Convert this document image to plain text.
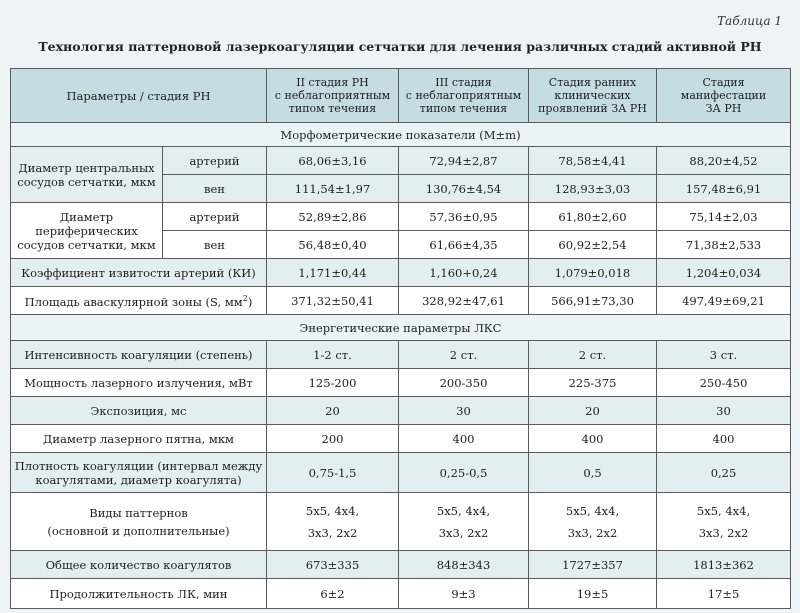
Таблица 1
Технология паттерновой лазеркоагуляции сетчатки для лечения различных стадий активной РН
Параметры / стадия РН		II стадия РН
с неблагоприятным
типом течения	III стадия
с неблагоприятным
типом течения	Стадия ранних
клинических
проявлений ЗА РН	Стадия
манифестации
ЗА РН
Морфометрические показатели (M±m)					
Диаметр центральных
сосудов сетчатки, мкм	артерий	68,06±3,16	72,94±2,87	78,58±4,41	88,20±4,52
	вен	111,54±1,97	130,76±4,54	128,93±3,03	157,48±6,91
Диаметр периферических
сосудов сетчатки, мкм	артерий	52,89±2,86	57,36±0,95	61,80±2,60	75,14±2,03
	вен	56,48±0,40	61,66±4,35	60,92±2,54	71,38±2,533
Коэффициент извитости артерий (КИ)		1,171±0,44	1,160+0,24	1,079±0,018	1,204±0,034
Площадь аваскулярной зоны (S, $мм^2$)		371,32±50,41	328,92±47,61	566,91±73,30	497,49±69,21
Энергетические параметры ЛКС					
Интенсивность коагуляции (степень)		1-2 ст.	2 ст.	2 ст.	3 ст.
Мощность лазерного излучения, мВт		125-200	200-350	225-375	250-450
Экспозиция, мс		20	30	20	30
Диаметр лазерного пятна, мкм		200	400	400	400
Плотность коагуляции (интервал между
коагулятами, диаметр коагулята)		0,75-1,5	0,25-0,5	0,5	0,25
Виды паттернов
(основной и дополнительные)		5x5, 4x4,
3x3, 2x2	5x5, 4x4,
3x3, 2x2	5x5, 4x4,
3x3, 2x2	5x5, 4x4,
3x3, 2x2
Общее количество коагулятов		673±335	848±343	1727±357	1813±362
Продолжительность ЛК, мин		6±2	9±3	19±5	17±5
